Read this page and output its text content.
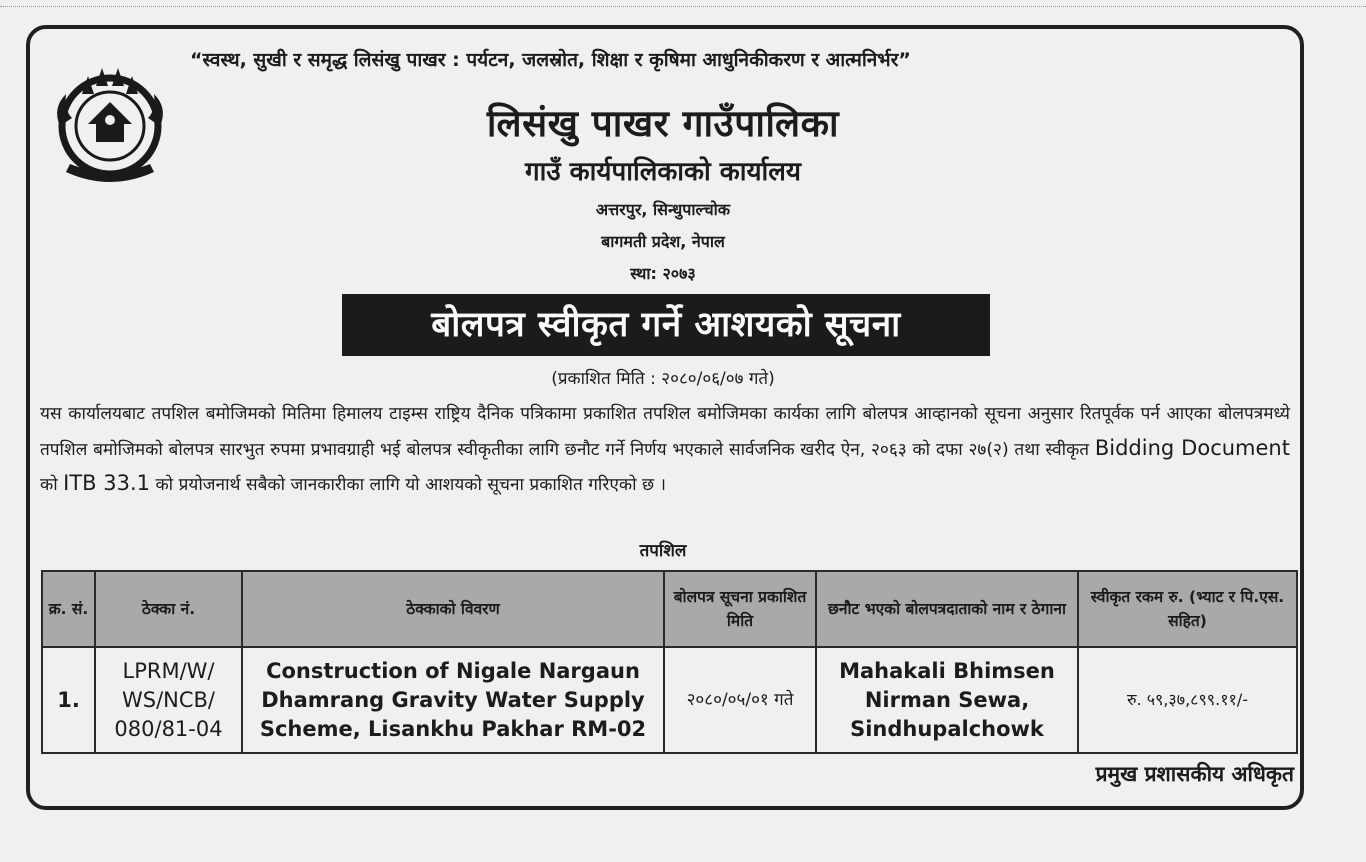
“स्वस्थ, सुखी र समृद्ध लिसंखु पाखर : पर्यटन, जलस्रोत, शिक्षा र कृषिमा आधुनिकीकरण र आत्मनिर्भर”
लिसंखु पाखर गाउँपालिका
गाउँ कार्यपालिकाको कार्यालय
अत्तरपुर, सिन्धुपाल्चोक
बागमती प्रदेश, नेपाल
स्था: २०७३
बोलपत्र स्वीकृत गर्ने आशयको सूचना
(प्रकाशित मिति : २०८०/०६/०७ गते)
यस कार्यालयबाट तपशिल बमोजिमको मितिमा हिमालय टाइम्स राष्ट्रिय दैनिक पत्रिकामा प्रकाशित तपशिल बमोजिमका कार्यका लागि बोलपत्र आव्हानको सूचना अनुसार रितपूर्वक पर्न आएका बोलपत्रमध्ये तपशिल बमोजिमको बोलपत्र सारभुत रुपमा प्रभावग्राही भई बोलपत्र स्वीकृतीका लागि छनौट गर्ने निर्णय भएकाले सार्वजनिक खरीद ऐन, २०६३ को दफा २७(२) तथा स्वीकृत Bidding Document को ITB 33.1 को प्रयोजनार्थ सबैको जानकारीका लागि यो आशयको सूचना प्रकाशित गरिएको छ ।
तपशिल
क्र. सं.	ठेक्का नं.	ठेक्काको विवरण	बोलपत्र सूचना प्रकाशित मिति	छनौट भएको बोलपत्रदाताको नाम र ठेगाना	स्वीकृत रकम रु. (भ्याट र पि.एस. सहित)
1.	LPRM/W/ WS/NCB/ 080/81-04	Construction of Nigale Nargaun Dhamrang Gravity Water Supply Scheme, Lisankhu Pakhar RM-02	२०८०/०५/०१ गते	Mahakali Bhimsen Nirman Sewa, Sindhupalchowk	रु. ५९,३७,८९९.११/-
प्रमुख प्रशासकीय अधिकृत
